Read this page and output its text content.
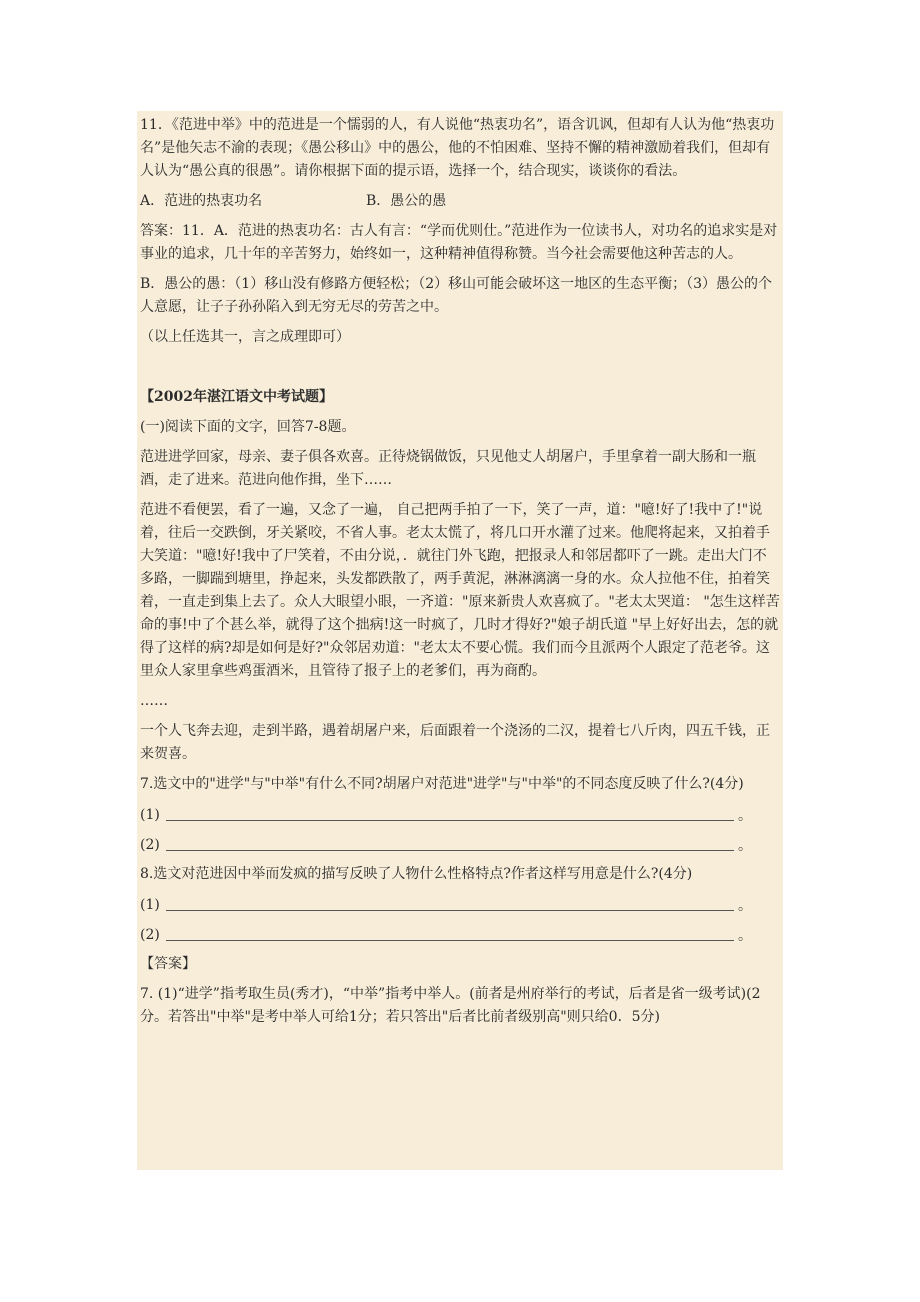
11．《范进中举》中的范进是一个懦弱的人，有人说他“热衷功名”，语含讥讽，但却有人认为他“热衷功名”是他矢志不渝的表现；《愚公移山》中的愚公，他的不怕困难、坚持不懈的精神激励着我们，但却有人认为“愚公真的很愚”。请你根据下面的提示语，选择一个，结合现实，谈谈你的看法。

A．范进的热衷功名	B．愚公的愚

答案：11．A．范进的热衷功名：古人有言：“学而优则仕。”范进作为一位读书人，对功名的追求实是对事业的追求，几十年的辛苦努力，始终如一，这种精神值得称赞。当今社会需要他这种苦志的人。

B．愚公的愚：（1）移山没有修路方便轻松；（2）移山可能会破坏这一地区的生态平衡；（3）愚公的个人意愿，让子子孙孙陷入到无穷无尽的劳苦之中。

（以上任选其一，言之成理即可）

【2002年湛江语文中考试题】

(一)阅读下面的文字，回答7-8题。

范进进学回家，母亲、妻子俱各欢喜。正待烧锅做饭，只见他丈人胡屠户，手里拿着一副大肠和一瓶酒，走了进来。范进向他作揖，坐下……

范进不看便罢，看了一遍，又念了一遍， 自己把两手拍了一下，笑了一声，道："噫!好了!我中了!"说着，往后一交跌倒，牙关紧咬，不省人事。老太太慌了，将几口开水灌了过来。他爬将起来，又拍着手大笑道："噫!好!我中了尸笑着，不由分说，．就往门外飞跑，把报录人和邻居都吓了一跳。走出大门不多路，一脚踹到塘里，挣起来，头发都跌散了，两手黄泥，淋淋漓漓一身的水。众人拉他不住，拍着笑着，一直走到集上去了。众人大眼望小眼，一齐道："原来新贵人欢喜疯了。"老太太哭道： "怎生这样苦命的事!中了个甚么举，就得了这个拙病!这一时疯了，几时才得好?"娘子胡氏道 "早上好好出去，怎的就得了这样的病?却是如何是好?"众邻居劝道："老太太不要心慌。我们而今且派两个人跟定了范老爷。这里众人家里拿些鸡蛋酒米，且管待了报子上的老爹们，再为商酌。

……

一个人飞奔去迎，走到半路，遇着胡屠户来，后面跟着一个浇汤的二汉，提着七八斤肉，四五千钱，正来贺喜。

7.选文中的"进学"与"中举"有什么不同?胡屠户对范进"进学"与"中举"的不同态度反映了什么?(4分)

(1)	。
(2)	。

8.选文对范进因中举而发疯的描写反映了人物什么性格特点?作者这样写用意是什么?(4分)

(1)	。
(2)	。

【答案】

7. (1)“进学”指考取生员(秀才)，“中举”指考中举人。(前者是州府举行的考试，后者是省一级考试)(2分。若答出"中举"是考中举人可给1分；若只答出"后者比前者级别高"则只给0．5分)
